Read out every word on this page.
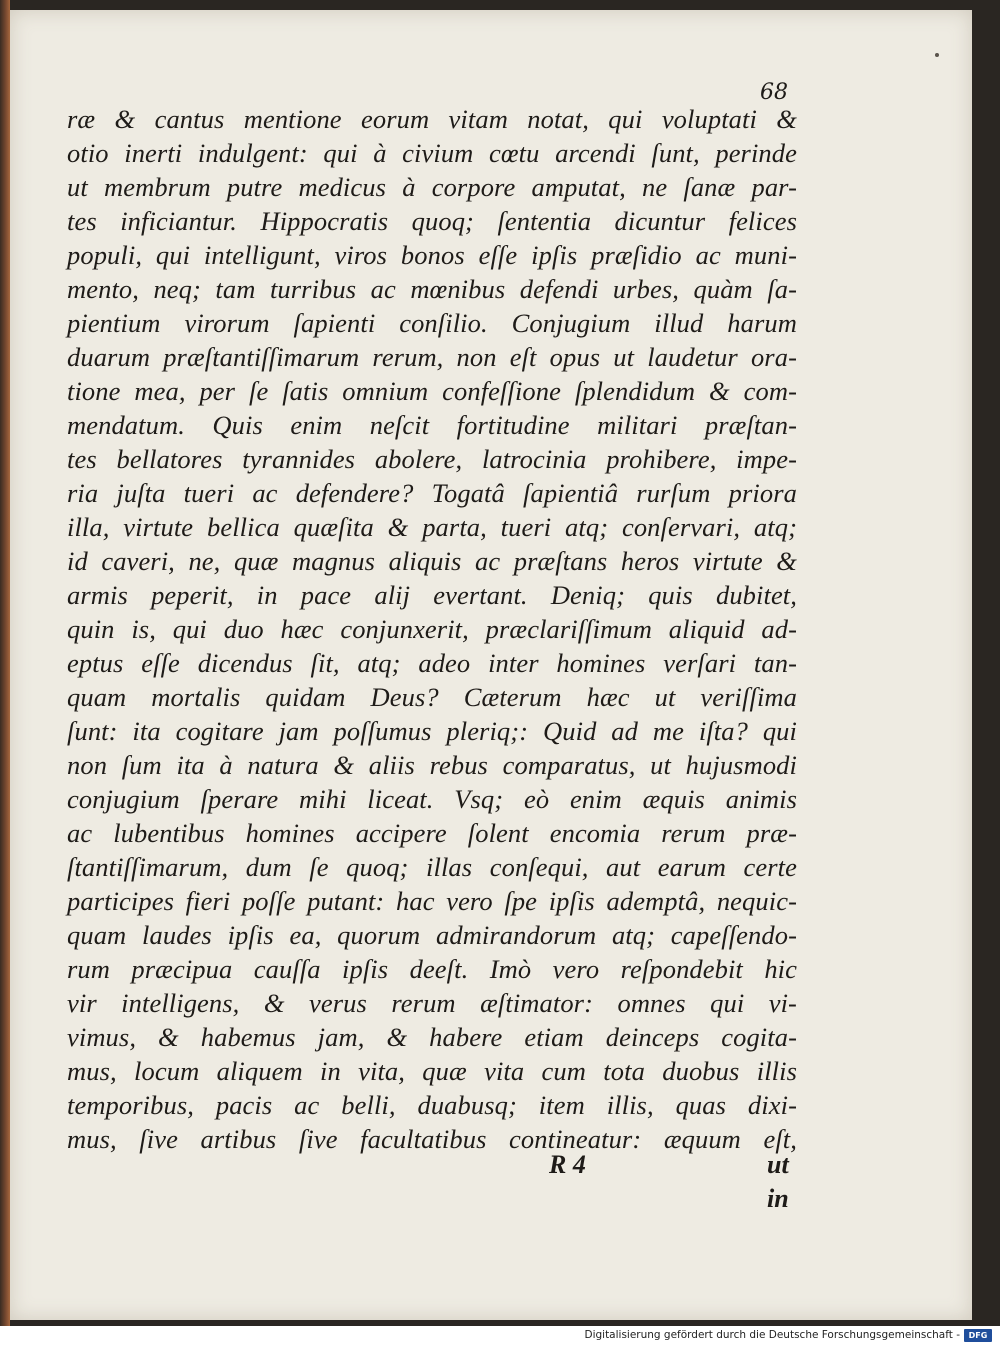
68
ræ & cantus mentione eorum vitam notat, qui voluptati &
otio inerti indulgent: qui à civium cœtu arcendi ſunt, perinde
ut membrum putre medicus à corpore amputat, ne ſanæ par-
tes inficiantur. Hippocratis quoq; ſententia dicuntur felices
populi, qui intelligunt, viros bonos eſſe ipſis præſidio ac muni-
mento, neq; tam turribus ac mœnibus defendi urbes, quàm ſa-
pientium virorum ſapienti conſilio. Conjugium illud harum
duarum præſtantiſſimarum rerum, non eſt opus ut laudetur ora-
tione mea, per ſe ſatis omnium confeſſione ſplendidum & com-
mendatum. Quis enim neſcit fortitudine militari præſtan-
tes bellatores tyrannides abolere, latrocinia prohibere, impe-
ria juſta tueri ac defendere? Togatâ ſapientiâ rurſum priora
illa, virtute bellica quæſita & parta, tueri atq; conſervari, atq;
id caveri, ne, quæ magnus aliquis ac præſtans heros virtute &
armis peperit, in pace alij evertant. Deniq; quis dubitet,
quin is, qui duo hæc conjunxerit, præclariſſimum aliquid ad-
eptus eſſe dicendus ſit, atq; adeo inter homines verſari tan-
quam mortalis quidam Deus? Cæterum hæc ut veriſſima
ſunt: ita cogitare jam poſſumus pleriq;: Quid ad me iſta? qui
non ſum ita à natura & aliis rebus comparatus, ut hujusmodi
conjugium ſperare mihi liceat. Vsq; eò enim æquis animis
ac lubentibus homines accipere ſolent encomia rerum præ-
ſtantiſſimarum, dum ſe quoq; illas conſequi, aut earum certe
participes fieri poſſe putant: hac vero ſpe ipſis ademptâ, nequic-
quam laudes ipſis ea, quorum admirandorum atq; capeſſendo-
rum præcipua cauſſa ipſis deeſt. Imò vero reſpondebit hic
vir intelligens, & verus rerum æſtimator: omnes qui vi-
vimus, & habemus jam, & habere etiam deinceps cogita-
mus, locum aliquem in vita, quæ vita cum tota duobus illis
temporibus, pacis ac belli, duabusq; item illis, quas dixi-
mus, ſive artibus ſive facultatibus contineatur: æquum eſt,
R 4	ut in
Digitalisierung gefördert durch die Deutsche Forschungsgemeinschaft -	DFG
